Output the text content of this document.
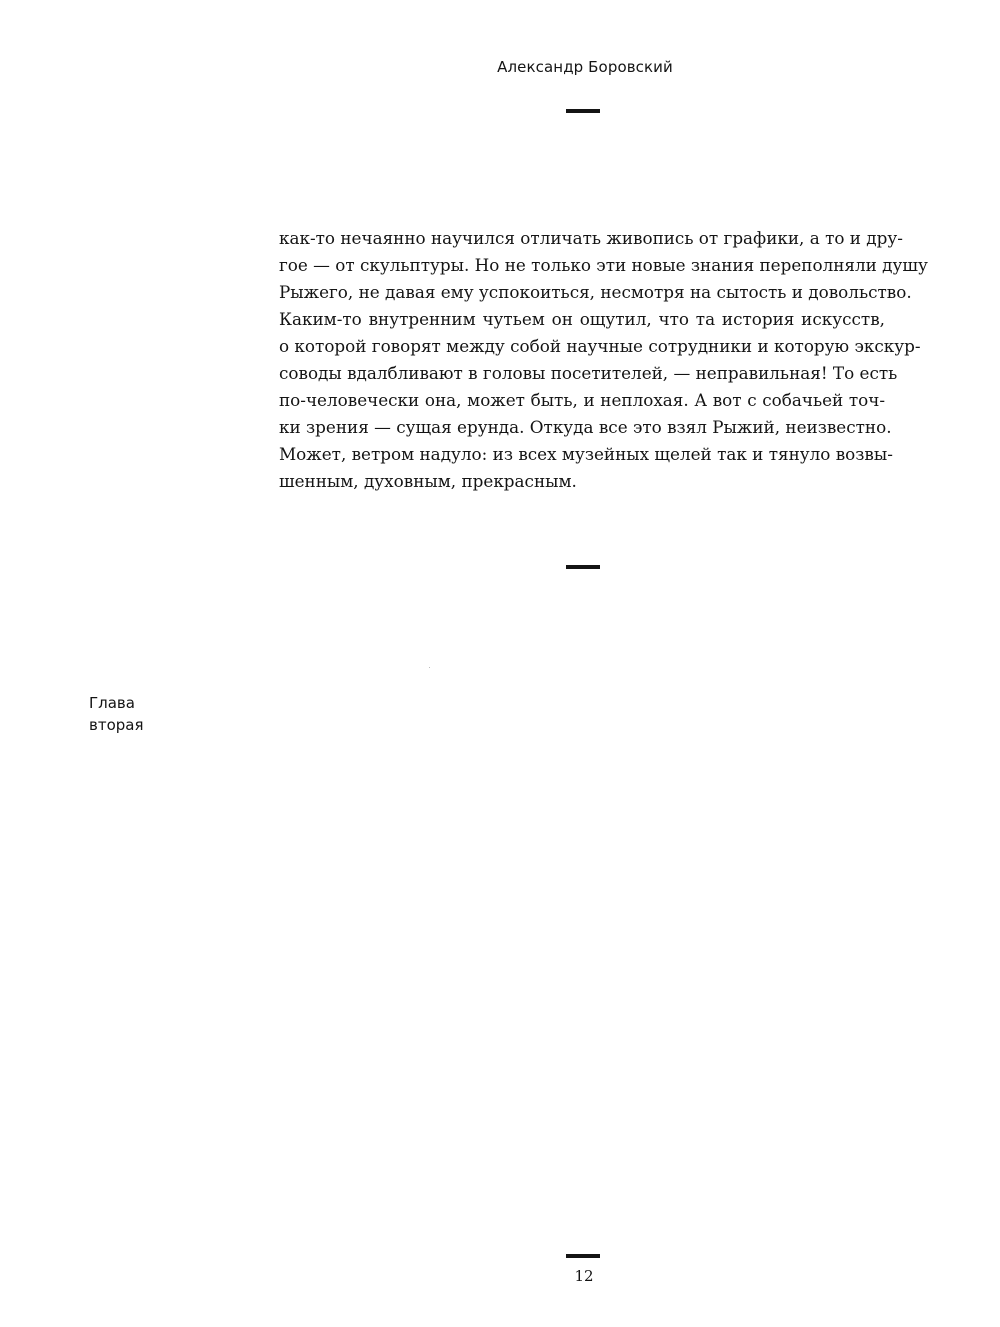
Александр Боровский

как-то нечаянно научился отличать живопись от графики, а то и дру-
гое — от скульптуры. Но не только эти новые знания переполняли душу
Рыжего, не давая ему успокоиться, несмотря на сытость и довольство.
Каким-то внутренним чутьем он ощутил, что та история искусств,
о которой говорят между собой научные сотрудники и которую экскур-
соводы вдалбливают в головы посетителей, — неправильная! То есть
по-человечески она, может быть, и неплохая. А вот с собачьей точ-
ки зрения — сущая ерунда. Откуда все это взял Рыжий, неизвестно.
Может, ветром надуло: из всех музейных щелей так и тянуло возвы-
шенным, духовным, прекрасным.

Глава
вторая
12
